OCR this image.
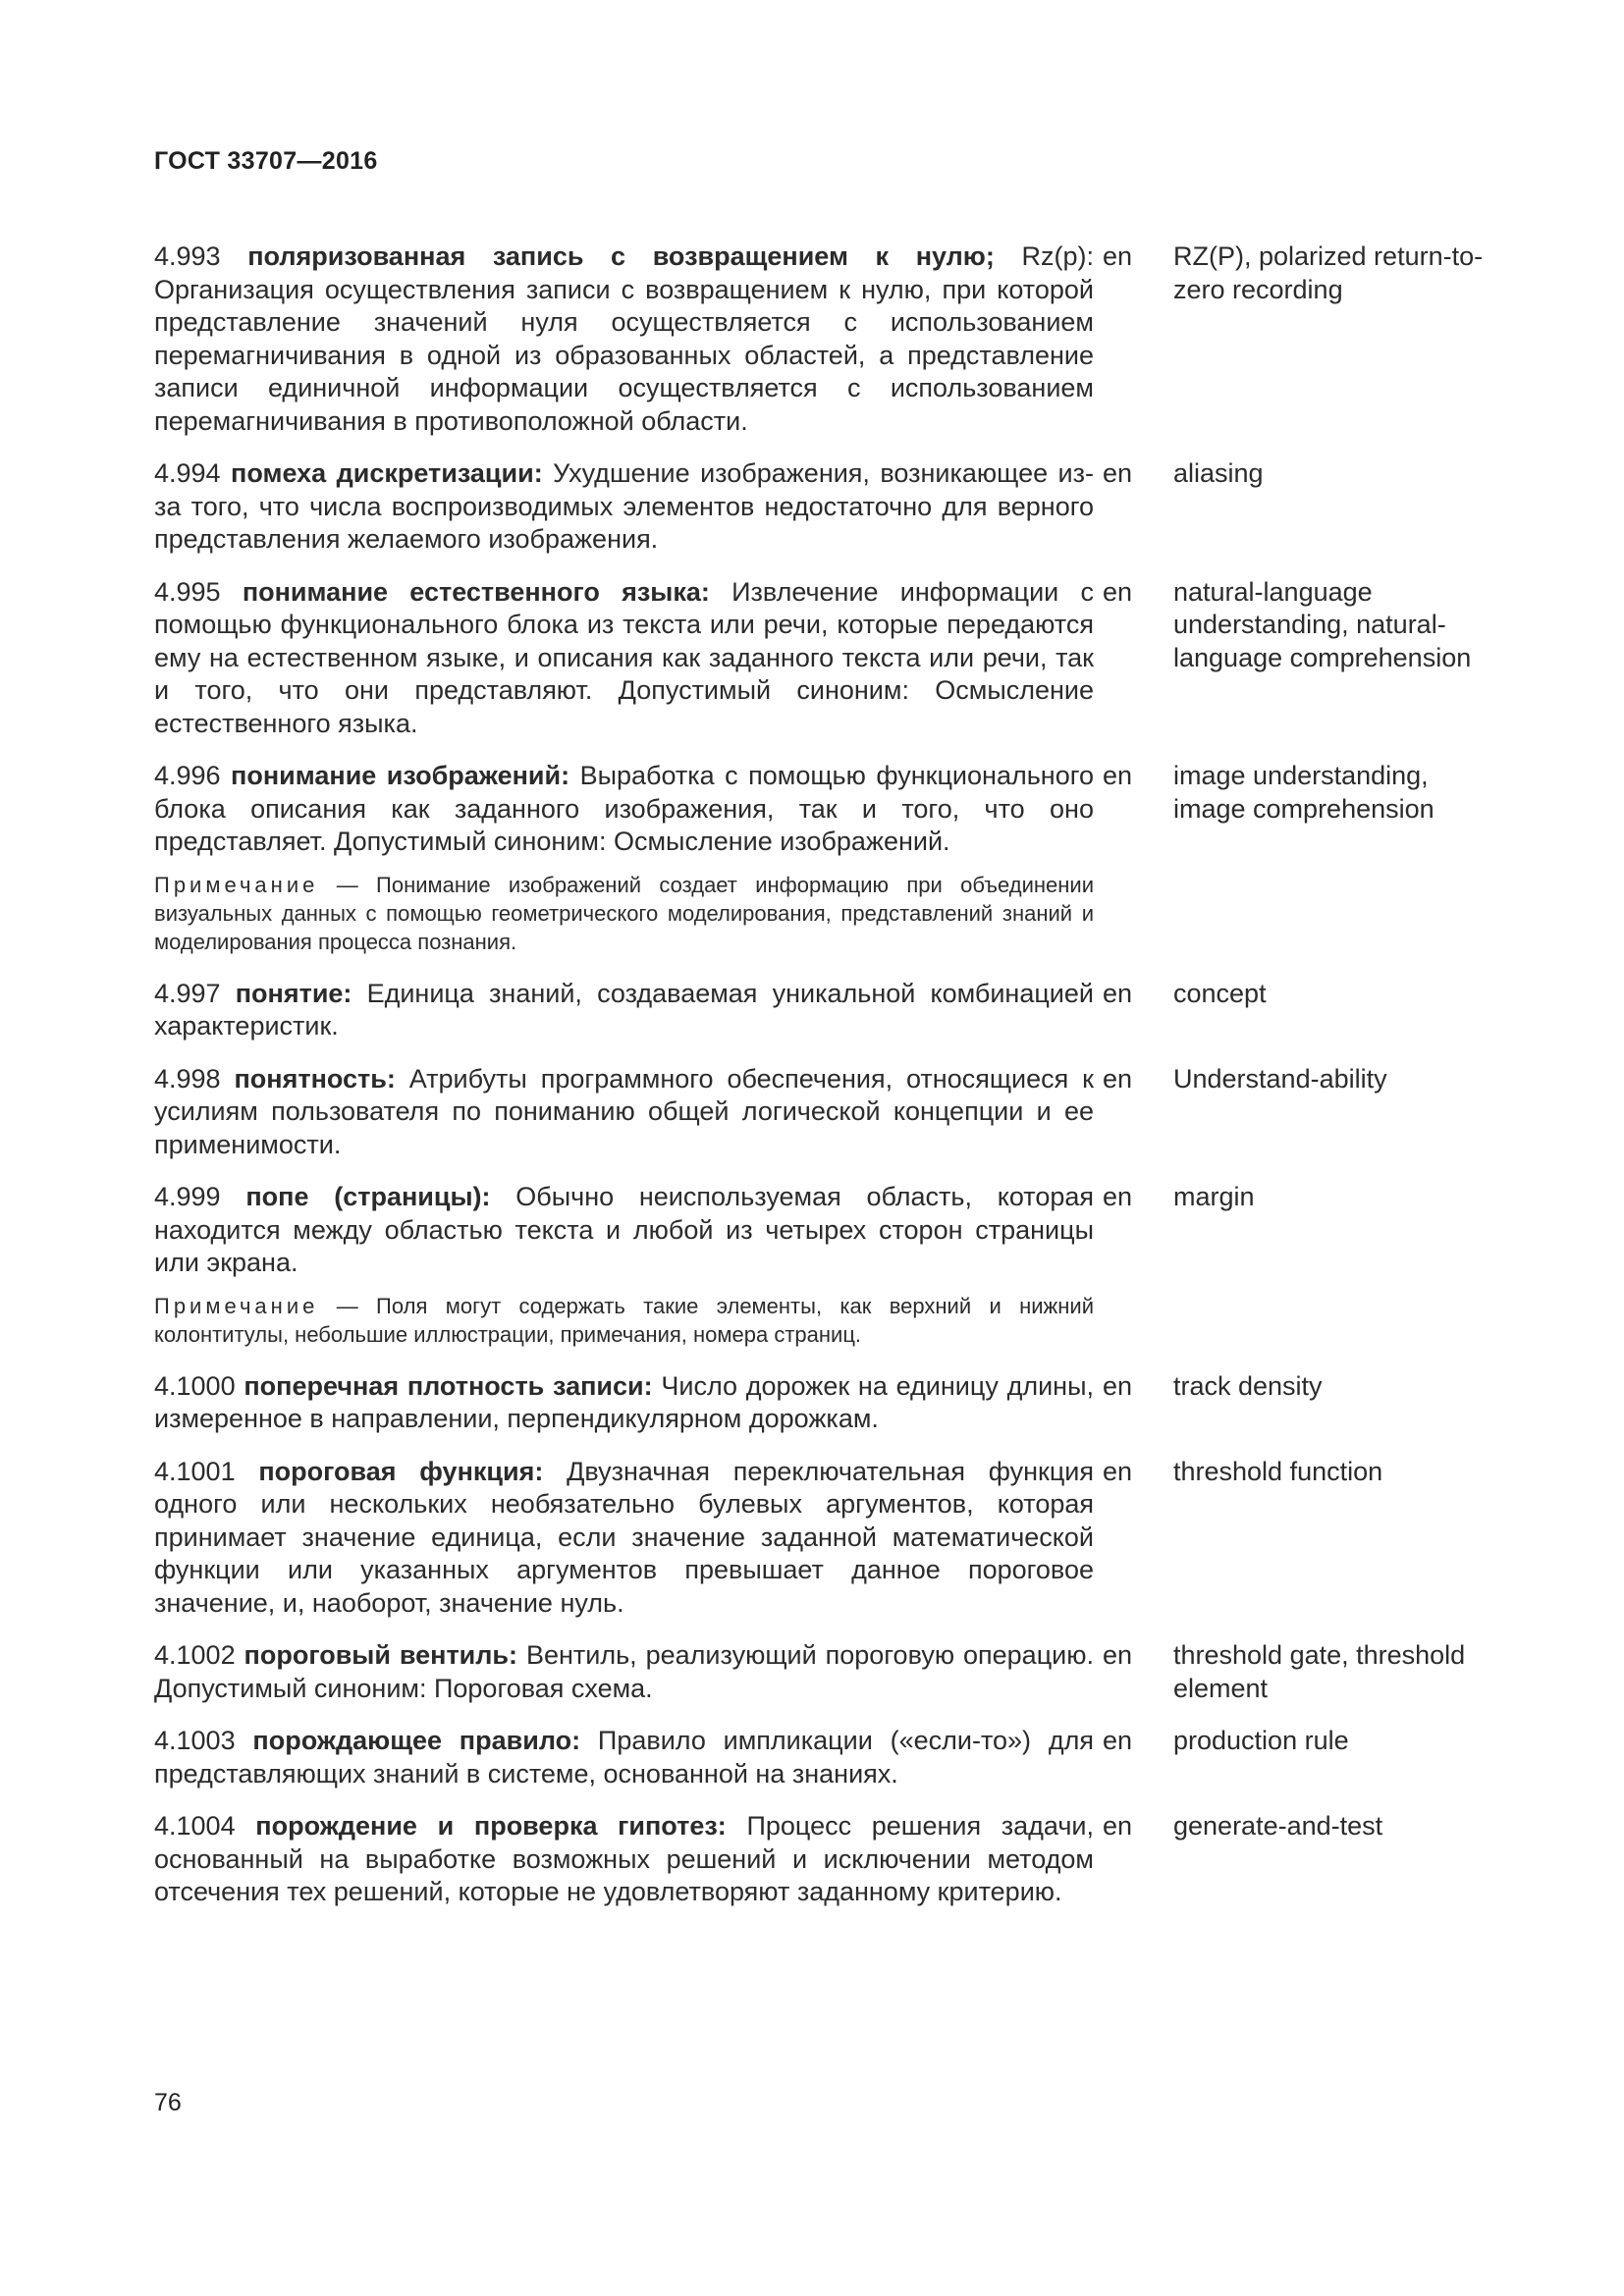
ГОСТ 33707—2016
4.993 поляризованная запись с возвращением к нулю; Rz(p): Организация осуществления записи с возвращением к нулю, при которой представление значений нуля осуществляется с использованием перемагничивания в одной из образованных областей, а представление записи единичной информации осуществляется с использованием перемагничивания в противоположной области.
en	RZ(P), polarized return-to-zero recording
4.994 помеха дискретизации: Ухудшение изображения, возникающее из-за того, что числа воспроизводимых элементов недостаточно для верного представления желаемого изображения.
en	aliasing
4.995 понимание естественного языка: Извлечение информации с помощью функционального блока из текста или речи, которые передаются ему на естественном языке, и описания как заданного текста или речи, так и того, что они представляют. Допустимый синоним: Осмысление естественного языка.
en	natural-language understanding, natural-language comprehension
4.996 понимание изображений: Выработка с помощью функционального блока описания как заданного изображения, так и того, что оно представляет. Допустимый синоним: Осмысление изображений.
en	image understanding, image comprehension
Примечание — Понимание изображений создает информацию при объединении визуальных данных с помощью геометрического моделирования, представлений знаний и моделирования процесса познания.
4.997 понятие: Единица знаний, создаваемая уникальной комбинацией характеристик.
en	concept
4.998 понятность: Атрибуты программного обеспечения, относящиеся к усилиям пользователя по пониманию общей логической концепции и ее применимости.
en	Understand-ability
4.999 попе (страницы): Обычно неиспользуемая область, которая находится между областью текста и любой из четырех сторон страницы или экрана.
en	margin
Примечание — Поля могут содержать такие элементы, как верхний и нижний колонтитулы, небольшие иллюстрации, примечания, номера страниц.
4.1000 поперечная плотность записи: Число дорожек на единицу длины, измеренное в направлении, перпендикулярном дорожкам.
en	track density
4.1001 пороговая функция: Двузначная переключательная функция одного или нескольких необязательно булевых аргументов, которая принимает значение единица, если значение заданной математической функции или указанных аргументов превышает данное пороговое значение, и, наоборот, значение нуль.
en	threshold function
4.1002 пороговый вентиль: Вентиль, реализующий пороговую операцию. Допустимый синоним: Пороговая схема.
en	threshold gate, threshold element
4.1003 порождающее правило: Правило импликации («если-то») для представляющих знаний в системе, основанной на знаниях.
en	production rule
4.1004 порождение и проверка гипотез: Процесс решения задачи, основанный на выработке возможных решений и исключении методом отсечения тех решений, которые не удовлетворяют заданному критерию.
en	generate-and-test
76
